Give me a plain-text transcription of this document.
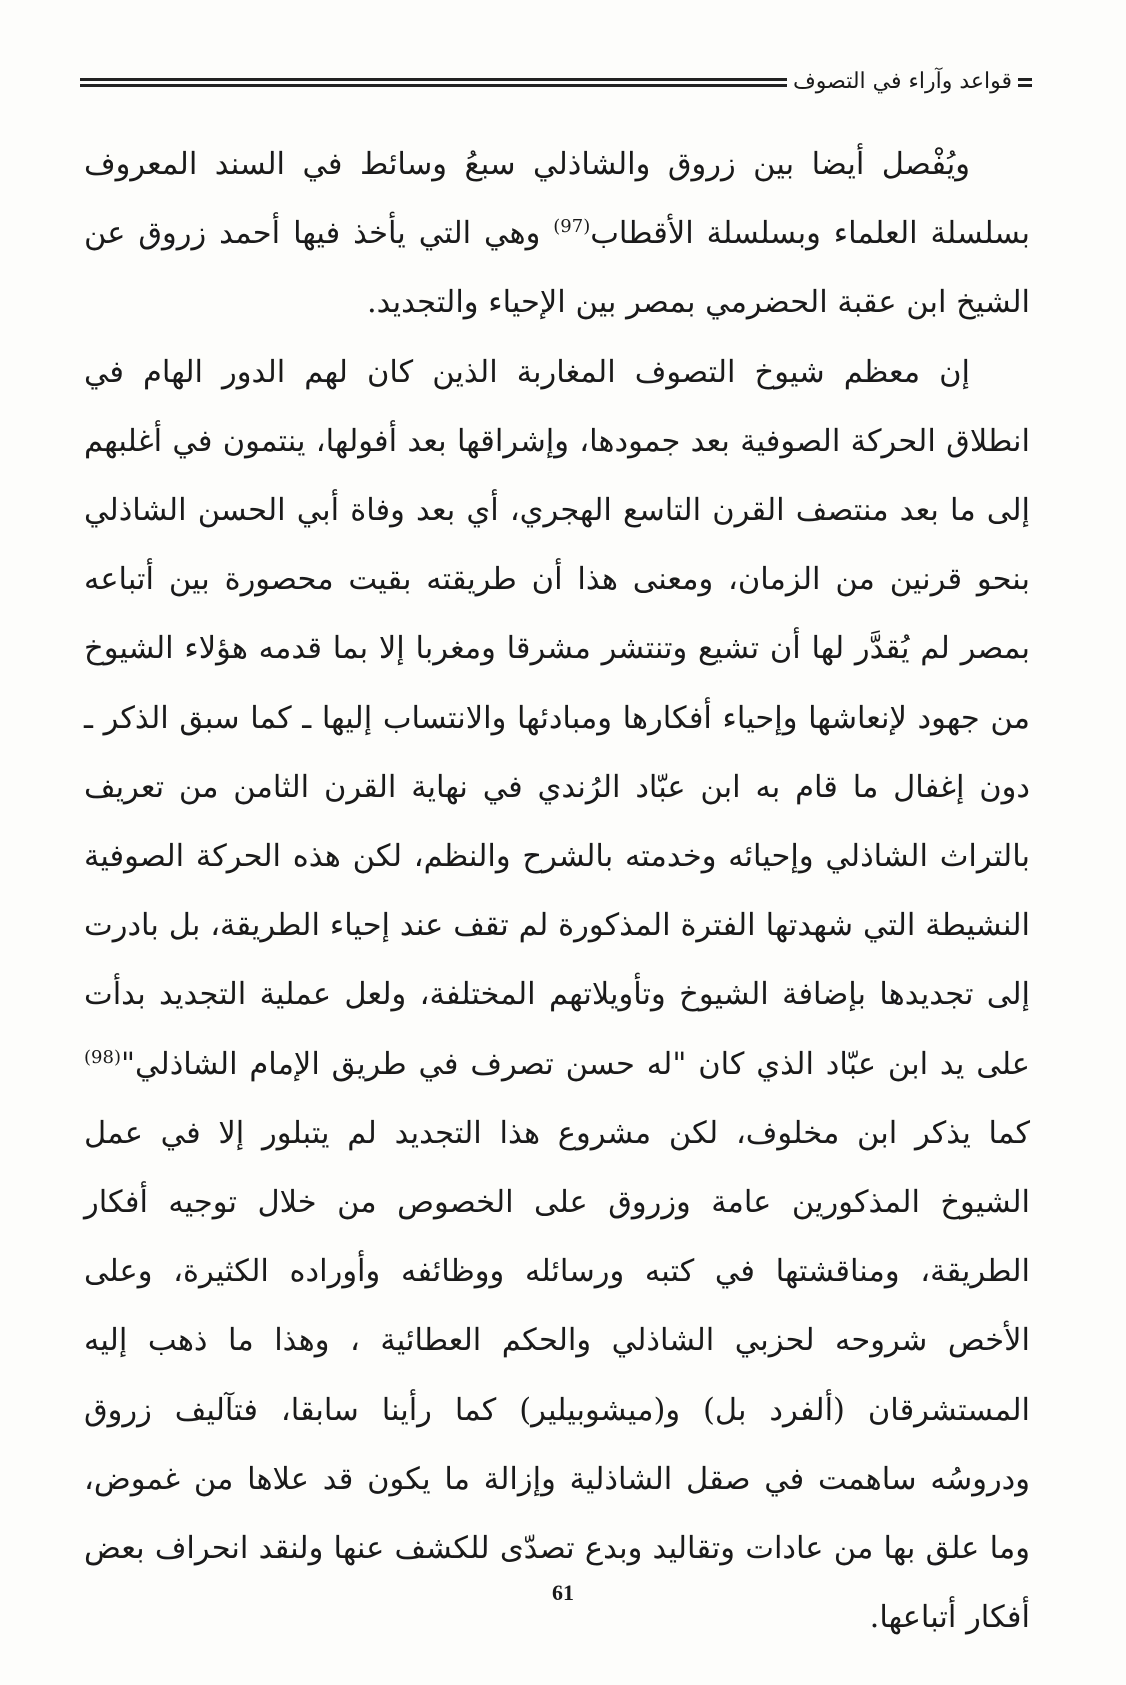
قواعد وآراء في التصوف

ويُفْصل أيضا بين زروق والشاذلي سبعُ وسائط في السند المعروف بسلسلة العلماء وبسلسلة الأقطاب$^{(97)}$ وهي التي يأخذ فيها أحمد زروق عن الشيخ ابن عقبة الحضرمي بمصر بين الإحياء والتجديد.

إن معظم شيوخ التصوف المغاربة الذين كان لهم الدور الهام في انطلاق الحركة الصوفية بعد جمودها، وإشراقها بعد أفولها، ينتمون في أغلبهم إلى ما بعد منتصف القرن التاسع الهجري، أي بعد وفاة أبي الحسن الشاذلي بنحو قرنين من الزمان، ومعنى هذا أن طريقته بقيت محصورة بين أتباعه بمصر لم يُقدَّر لها أن تشيع وتنتشر مشرقا ومغربا إلا بما قدمه هؤلاء الشيوخ من جهود لإنعاشها وإحياء أفكارها ومبادئها والانتساب إليها ـ كما سبق الذكر ـ دون إغفال ما قام به ابن عبّاد الرُندي في نهاية القرن الثامن من تعريف بالتراث الشاذلي وإحيائه وخدمته بالشرح والنظم، لكن هذه الحركة الصوفية النشيطة التي شهدتها الفترة المذكورة لم تقف عند إحياء الطريقة، بل بادرت إلى تجديدها بإضافة الشيوخ وتأويلاتهم المختلفة، ولعل عملية التجديد بدأت على يد ابن عبّاد الذي كان "له حسن تصرف في طريق الإمام الشاذلي"$^{(98)}$ كما يذكر ابن مخلوف، لكن مشروع هذا التجديد لم يتبلور إلا في عمل الشيوخ المذكورين عامة وزروق على الخصوص من خلال توجيه أفكار الطريقة، ومناقشتها في كتبه ورسائله ووظائفه وأوراده الكثيرة، وعلى الأخص شروحه لحزبي الشاذلي والحكم العطائية ، وهذا ما ذهب إليه المستشرقان (ألفرد بل) و(ميشوبيلير) كما رأينا سابقا، فتآليف زروق ودروسُه ساهمت في صقل الشاذلية وإزالة ما يكون قد علاها من غموض، وما علق بها من عادات وتقاليد وبدع تصدّى للكشف عنها ولنقد انحراف بعض أفكار أتباعها.

61
